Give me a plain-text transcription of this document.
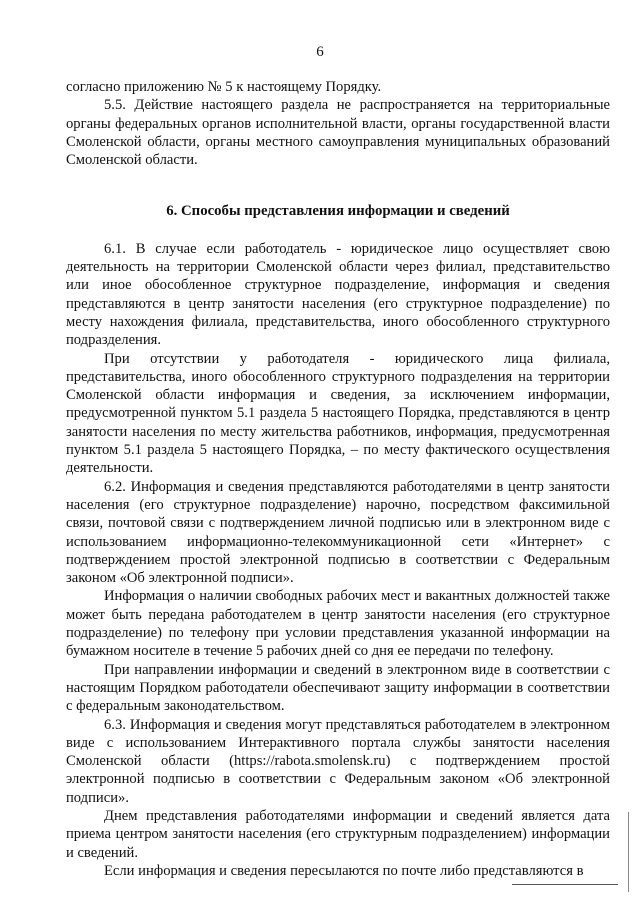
6

согласно приложению № 5 к настоящему Порядку.

5.5. Действие настоящего раздела не распространяется на территориальные органы федеральных органов исполнительной власти, органы государственной власти Смоленской области, органы местного самоуправления муниципальных образований Смоленской области.

6. Способы представления информации и сведений

6.1. В случае если работодатель - юридическое лицо осуществляет свою деятельность на территории Смоленской области через филиал, представительство или иное обособленное структурное подразделение, информация и сведения представляются в центр занятости населения (его структурное подразделение) по месту нахождения филиала, представительства, иного обособленного структурного подразделения.

При отсутствии у работодателя - юридического лица филиала, представительства, иного обособленного структурного подразделения на территории Смоленской области информация и сведения, за исключением информации, предусмотренной пунктом 5.1 раздела 5 настоящего Порядка, представляются в центр занятости населения по месту жительства работников, информация, предусмотренная пунктом 5.1 раздела 5 настоящего Порядка, – по месту фактического осуществления деятельности.

6.2. Информация и сведения представляются работодателями в центр занятости населения (его структурное подразделение) нарочно, посредством факсимильной связи, почтовой связи с подтверждением личной подписью или в электронном виде с использованием информационно-телекоммуникационной сети «Интернет» с подтверждением простой электронной подписью в соответствии с Федеральным законом «Об электронной подписи».

Информация о наличии свободных рабочих мест и вакантных должностей также может быть передана работодателем в центр занятости населения (его структурное подразделение) по телефону при условии представления указанной информации на бумажном носителе в течение 5 рабочих дней со дня ее передачи по телефону.

При направлении информации и сведений в электронном виде в соответствии с настоящим Порядком работодатели обеспечивают защиту информации в соответствии с федеральным законодательством.

6.3. Информация и сведения могут представляться работодателем в электронном виде с использованием Интерактивного портала службы занятости населения Смоленской области (https://rabota.smolensk.ru) с подтверждением простой электронной подписью в соответствии с Федеральным законом «Об электронной подписи».

Днем представления работодателями информации и сведений является дата приема центром занятости населения (его структурным подразделением) информации и сведений.

Если информация и сведения пересылаются по почте либо представляются в
